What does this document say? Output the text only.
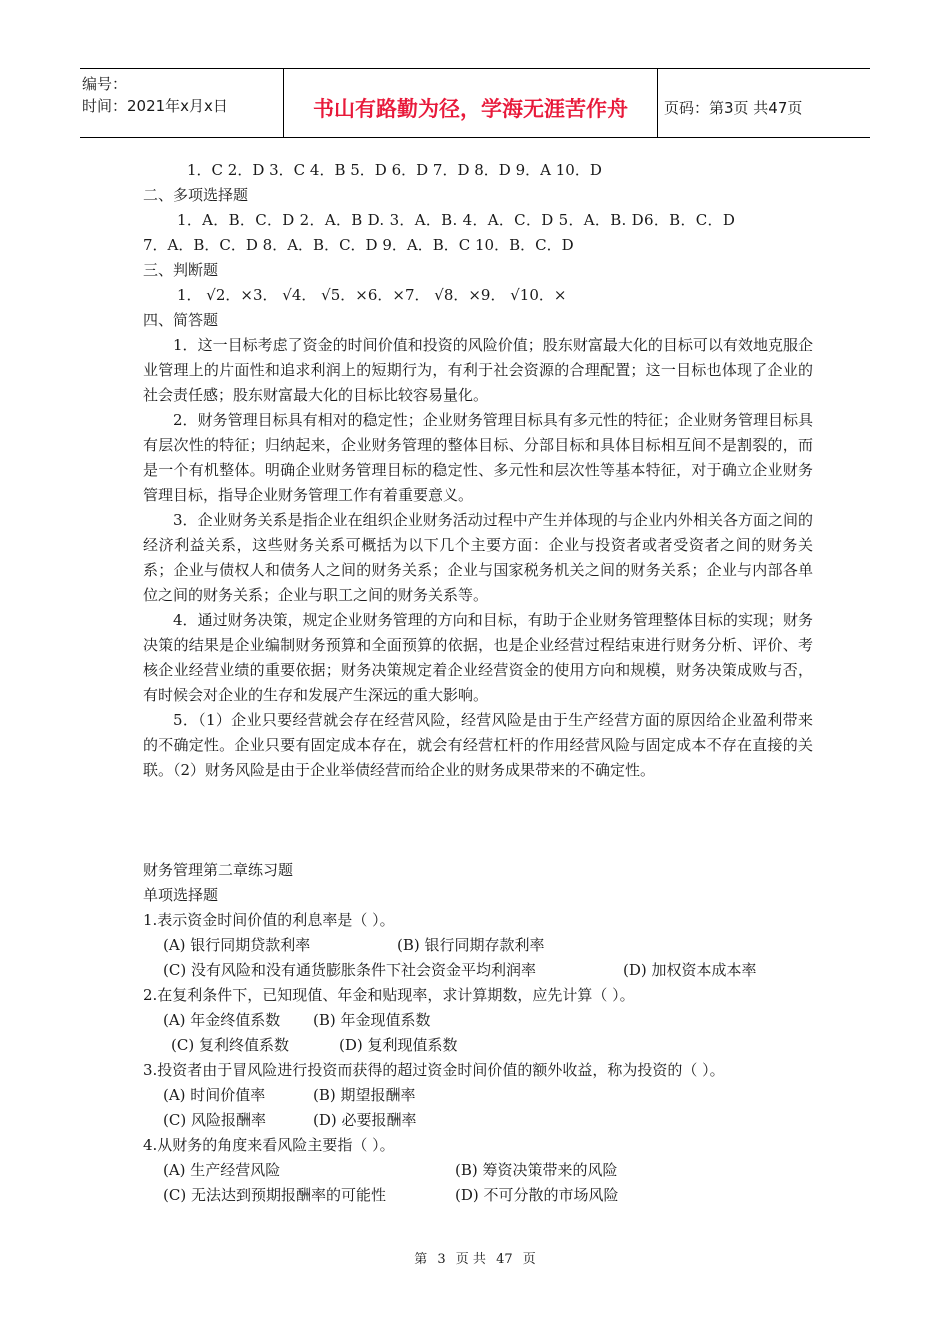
编号：
时间：2021年x月x日	书山有路勤为径，学海无涯苦作舟	页码：第3页 共47页

1．C 2．D 3．C 4．B 5．D 6．D 7．D 8．D 9．A 10．D

二、多项选择题

1．A．B．C．D 2．A．B D. 3．A．B. 4．A．C．D 5．A．B. D6．B．C．D

7．A．B．C．D 8．A．B．C．D 9．A．B．C 10．B．C．D

三、判断题

1． √2．×3． √4． √5．×6．×7． √8．×9． √10．×

四、简答题

1．这一目标考虑了资金的时间价值和投资的风险价值；股东财富最大化的目标可以有效地克服企业管理上的片面性和追求利润上的短期行为，有利于社会资源的合理配置；这一目标也体现了企业的社会责任感；股东财富最大化的目标比较容易量化。

2．财务管理目标具有相对的稳定性；企业财务管理目标具有多元性的特征；企业财务管理目标具有层次性的特征；归纳起来，企业财务管理的整体目标、分部目标和具体目标相互间不是割裂的，而是一个有机整体。明确企业财务管理目标的稳定性、多元性和层次性等基本特征，对于确立企业财务管理目标，指导企业财务管理工作有着重要意义。

3．企业财务关系是指企业在组织企业财务活动过程中产生并体现的与企业内外相关各方面之间的经济利益关系，这些财务关系可概括为以下几个主要方面：企业与投资者或者受资者之间的财务关系；企业与债权人和债务人之间的财务关系；企业与国家税务机关之间的财务关系；企业与内部各单位之间的财务关系；企业与职工之间的财务关系等。

4．通过财务决策，规定企业财务管理的方向和目标，有助于企业财务管理整体目标的实现；财务决策的结果是企业编制财务预算和全面预算的依据，也是企业经营过程结束进行财务分析、评价、考核企业经营业绩的重要依据；财务决策规定着企业经营资金的使用方向和规模，财务决策成败与否，有时候会对企业的生存和发展产生深远的重大影响。

5．（1）企业只要经营就会存在经营风险，经营风险是由于生产经营方面的原因给企业盈利带来的不确定性。企业只要有固定成本存在，就会有经营杠杆的作用经营风险与固定成本不存在直接的关联。（2）财务风险是由于企业举债经营而给企业的财务成果带来的不确定性。

财务管理第二章练习题

单项选择题

1.表示资金时间价值的利息率是（ ）。

(A) 银行同期贷款利率	(B) 银行同期存款利率

(C) 没有风险和没有通货膨胀条件下社会资金平均利润率	(D) 加权资本成本率

2.在复利条件下，已知现值、年金和贴现率，求计算期数，应先计算（ ）。

(A) 年金终值系数 (B) 年金现值系数

(C) 复利终值系数	(D) 复利现值系数

3.投资者由于冒风险进行投资而获得的超过资金时间价值的额外收益，称为投资的（ ）。

(A) 时间价值率	(B) 期望报酬率

(C) 风险报酬率	(D) 必要报酬率

4.从财务的角度来看风险主要指（ ）。

(A) 生产经营风险	(B) 筹资决策带来的风险

(C) 无法达到预期报酬率的可能性	(D) 不可分散的市场风险

第 3 页 共 47 页
